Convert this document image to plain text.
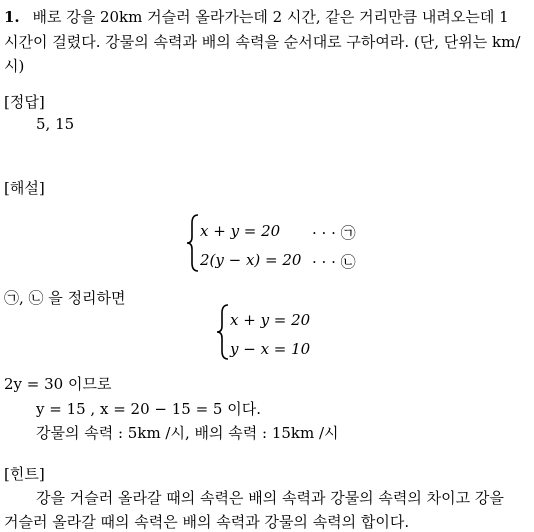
1. 배로 강을 20km 거슬러 올라가는데 2 시간, 같은 거리만큼 내려오는데 1
시간이 걸렸다. 강물의 속력과 배의 속력을 순서대로 구하여라. (단, 단위는 km/
시)
[정답]
5, 15
[해설]
x + y = 20 · · · ㉠
2(y − x) = 20 · · · ㉡
㉠, ㉡ 을 정리하면
x + y = 20
y − x = 10
2y = 30 이므로
y = 15 , x = 20 − 15 = 5 이다.
강물의 속력 : 5km /시, 배의 속력 : 15km /시
[힌트]
강을 거슬러 올라갈 때의 속력은 배의 속력과 강물의 속력의 차이고 강을
거슬러 올라갈 때의 속력은 배의 속력과 강물의 속력의 합이다.
